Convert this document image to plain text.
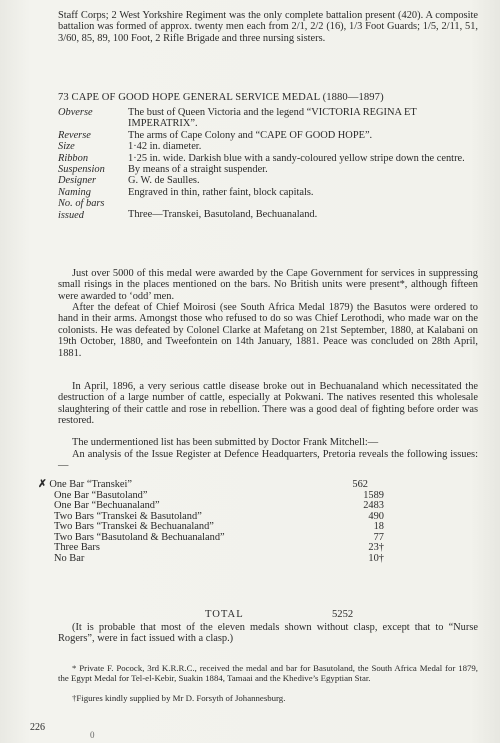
Staff Corps; 2 West Yorkshire Regiment was the only complete battalion present (420). A composite battalion was formed of approx. twenty men each from 2/1, 2/2 (16), 1/3 Foot Guards; 1/5, 2/11, 51, 3/60, 85, 89, 100 Foot, 2 Rifle Brigade and three nursing sisters.
73 CAPE OF GOOD HOPE GENERAL SERVICE MEDAL (1880—1897)
Obverse	The bust of Queen Victoria and the legend “VICTORIA REGINA ET IMPERATRIX”.
Reverse	The arms of Cape Colony and “CAPE OF GOOD HOPE”.
Size	1·42 in. diameter.
Ribbon	1·25 in. wide. Darkish blue with a sandy-coloured yellow stripe down the centre.
Suspension	By means of a straight suspender.
Designer	G. W. de Saulles.
Naming	Engraved in thin, rather faint, block capitals.
No. of bars issued	Three—Transkei, Basutoland, Bechuanaland.
Just over 5000 of this medal were awarded by the Cape Government for services in suppressing small risings in the places mentioned on the bars. No British units were present*, although fifteen were awarded to ‘odd’ men.
After the defeat of Chief Moirosi (see South Africa Medal 1879) the Basutos were ordered to hand in their arms. Amongst those who refused to do so was Chief Lerothodi, who made war on the colonists. He was defeated by Colonel Clarke at Mafetang on 21st September, 1880, at Kalabani on 19th October, 1880, and Tweefontein on 14th January, 1881. Peace was concluded on 28th April, 1881.
In April, 1896, a very serious cattle disease broke out in Bechuanaland which necessitated the destruction of a large number of cattle, especially at Pokwani. The natives resented this wholesale slaughtering of their cattle and rose in rebellion. There was a good deal of fighting before order was restored.
The undermentioned list has been submitted by Doctor Frank Mitchell:—
An analysis of the Issue Register at Defence Headquarters, Pretoria reveals the following issues:—
✗ One Bar “Transkei”	562
One Bar “Basutoland”	1589
One Bar “Bechuanaland”	2483
Two Bars “Transkei & Basutoland”	490
Two Bars “Transkei & Bechuanaland”	18
Two Bars “Basutoland & Bechuanaland”	77
Three Bars	23†
No Bar	10†
TOTAL	5252
(It is probable that most of the eleven medals shown without clasp, except that to “Nurse Rogers”, were in fact issued with a clasp.)
* Private F. Pocock, 3rd K.R.R.C., received the medal and bar for Basutoland, the South Africa Medal for 1879, the Egypt Medal for Tel-el-Kebir, Suakin 1884, Tamaai and the Khedive’s Egyptian Star.
†Figures kindly supplied by Mr D. Forsyth of Johannesburg.
226
0
